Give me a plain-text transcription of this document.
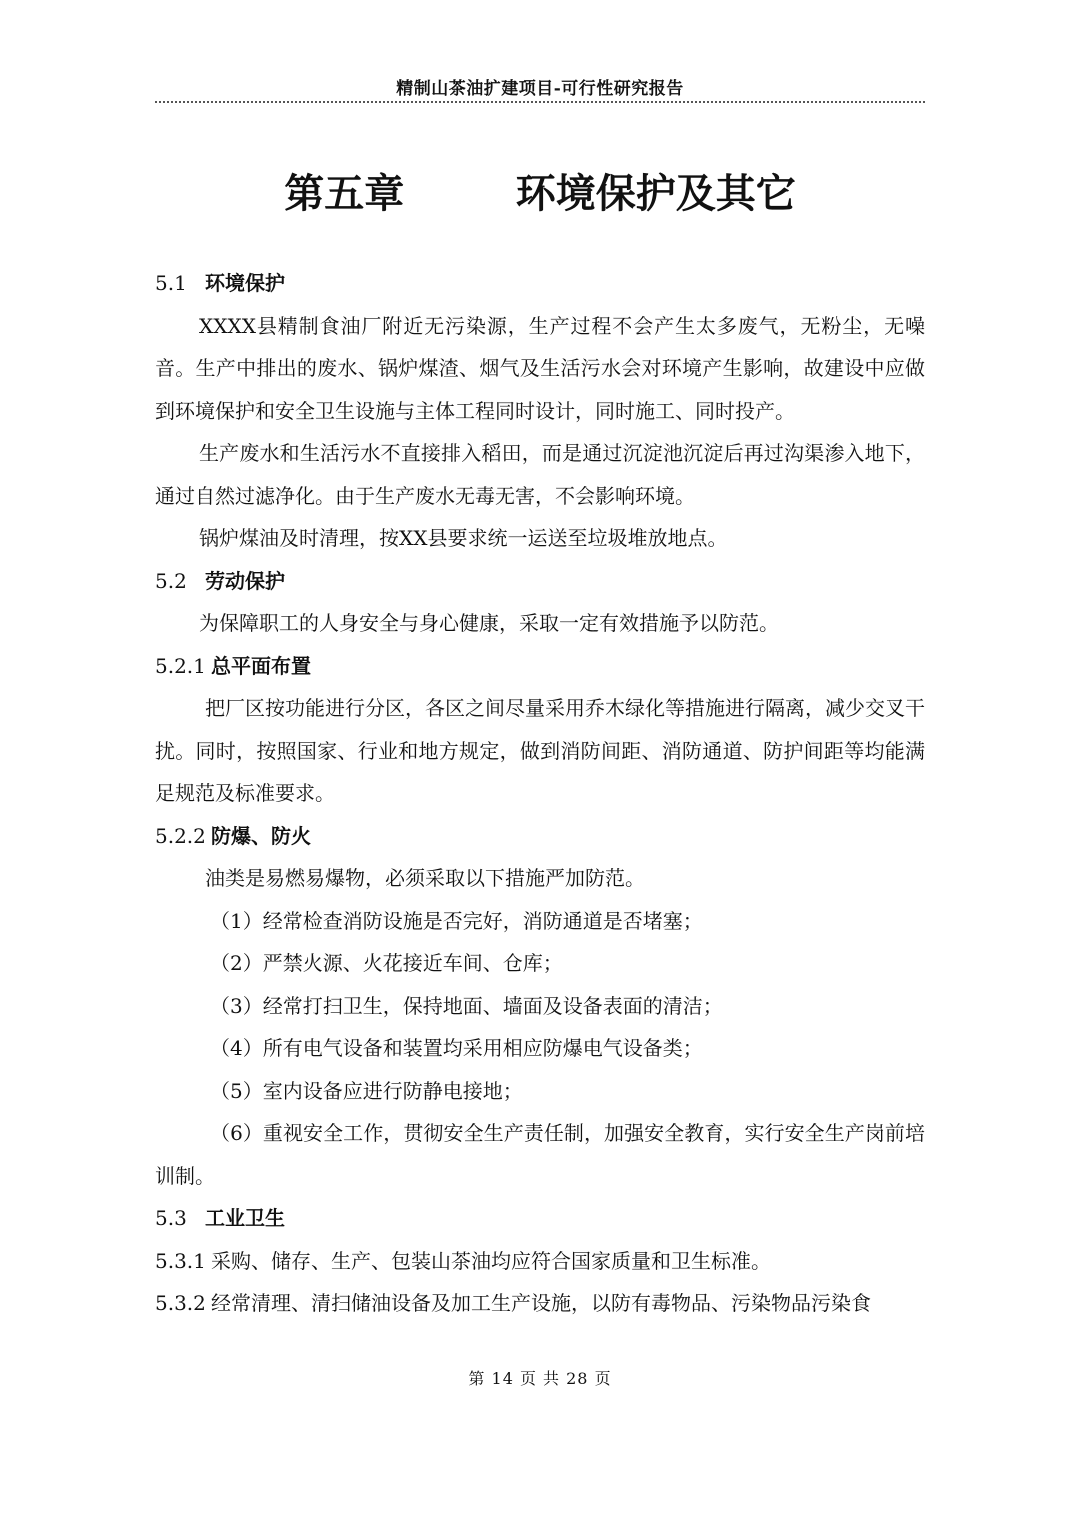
精制山茶油扩建项目-可行性研究报告
第五章        环境保护及其它

5.1 环境保护

XXXX县精制食油厂附近无污染源，生产过程不会产生太多废气，无粉尘，无噪音。生产中排出的废水、锅炉煤渣、烟气及生活污水会对环境产生影响，故建设中应做到环境保护和安全卫生设施与主体工程同时设计，同时施工、同时投产。

生产废水和生活污水不直接排入稻田，而是通过沉淀池沉淀后再过沟渠渗入地下，通过自然过滤净化。由于生产废水无毒无害，不会影响环境。

锅炉煤油及时清理，按XX县要求统一运送至垃圾堆放地点。

5.2 劳动保护

为保障职工的人身安全与身心健康，采取一定有效措施予以防范。

5.2.1 总平面布置

把厂区按功能进行分区，各区之间尽量采用乔木绿化等措施进行隔离，减少交叉干扰。同时，按照国家、行业和地方规定，做到消防间距、消防通道、防护间距等均能满足规范及标准要求。

5.2.2 防爆、防火

油类是易燃易爆物，必须采取以下措施严加防范。

（1）经常检查消防设施是否完好，消防通道是否堵塞；

（2）严禁火源、火花接近车间、仓库；

（3）经常打扫卫生，保持地面、墙面及设备表面的清洁；

（4）所有电气设备和装置均采用相应防爆电气设备类；

（5）室内设备应进行防静电接地；

（6）重视安全工作，贯彻安全生产责任制，加强安全教育，实行安全生产岗前培训制。

5.3 工业卫生

5.3.1 采购、储存、生产、包装山茶油均应符合国家质量和卫生标准。

5.3.2 经常清理、清扫储油设备及加工生产设施，以防有毒物品、污染物品污染食

第 14 页 共 28 页
